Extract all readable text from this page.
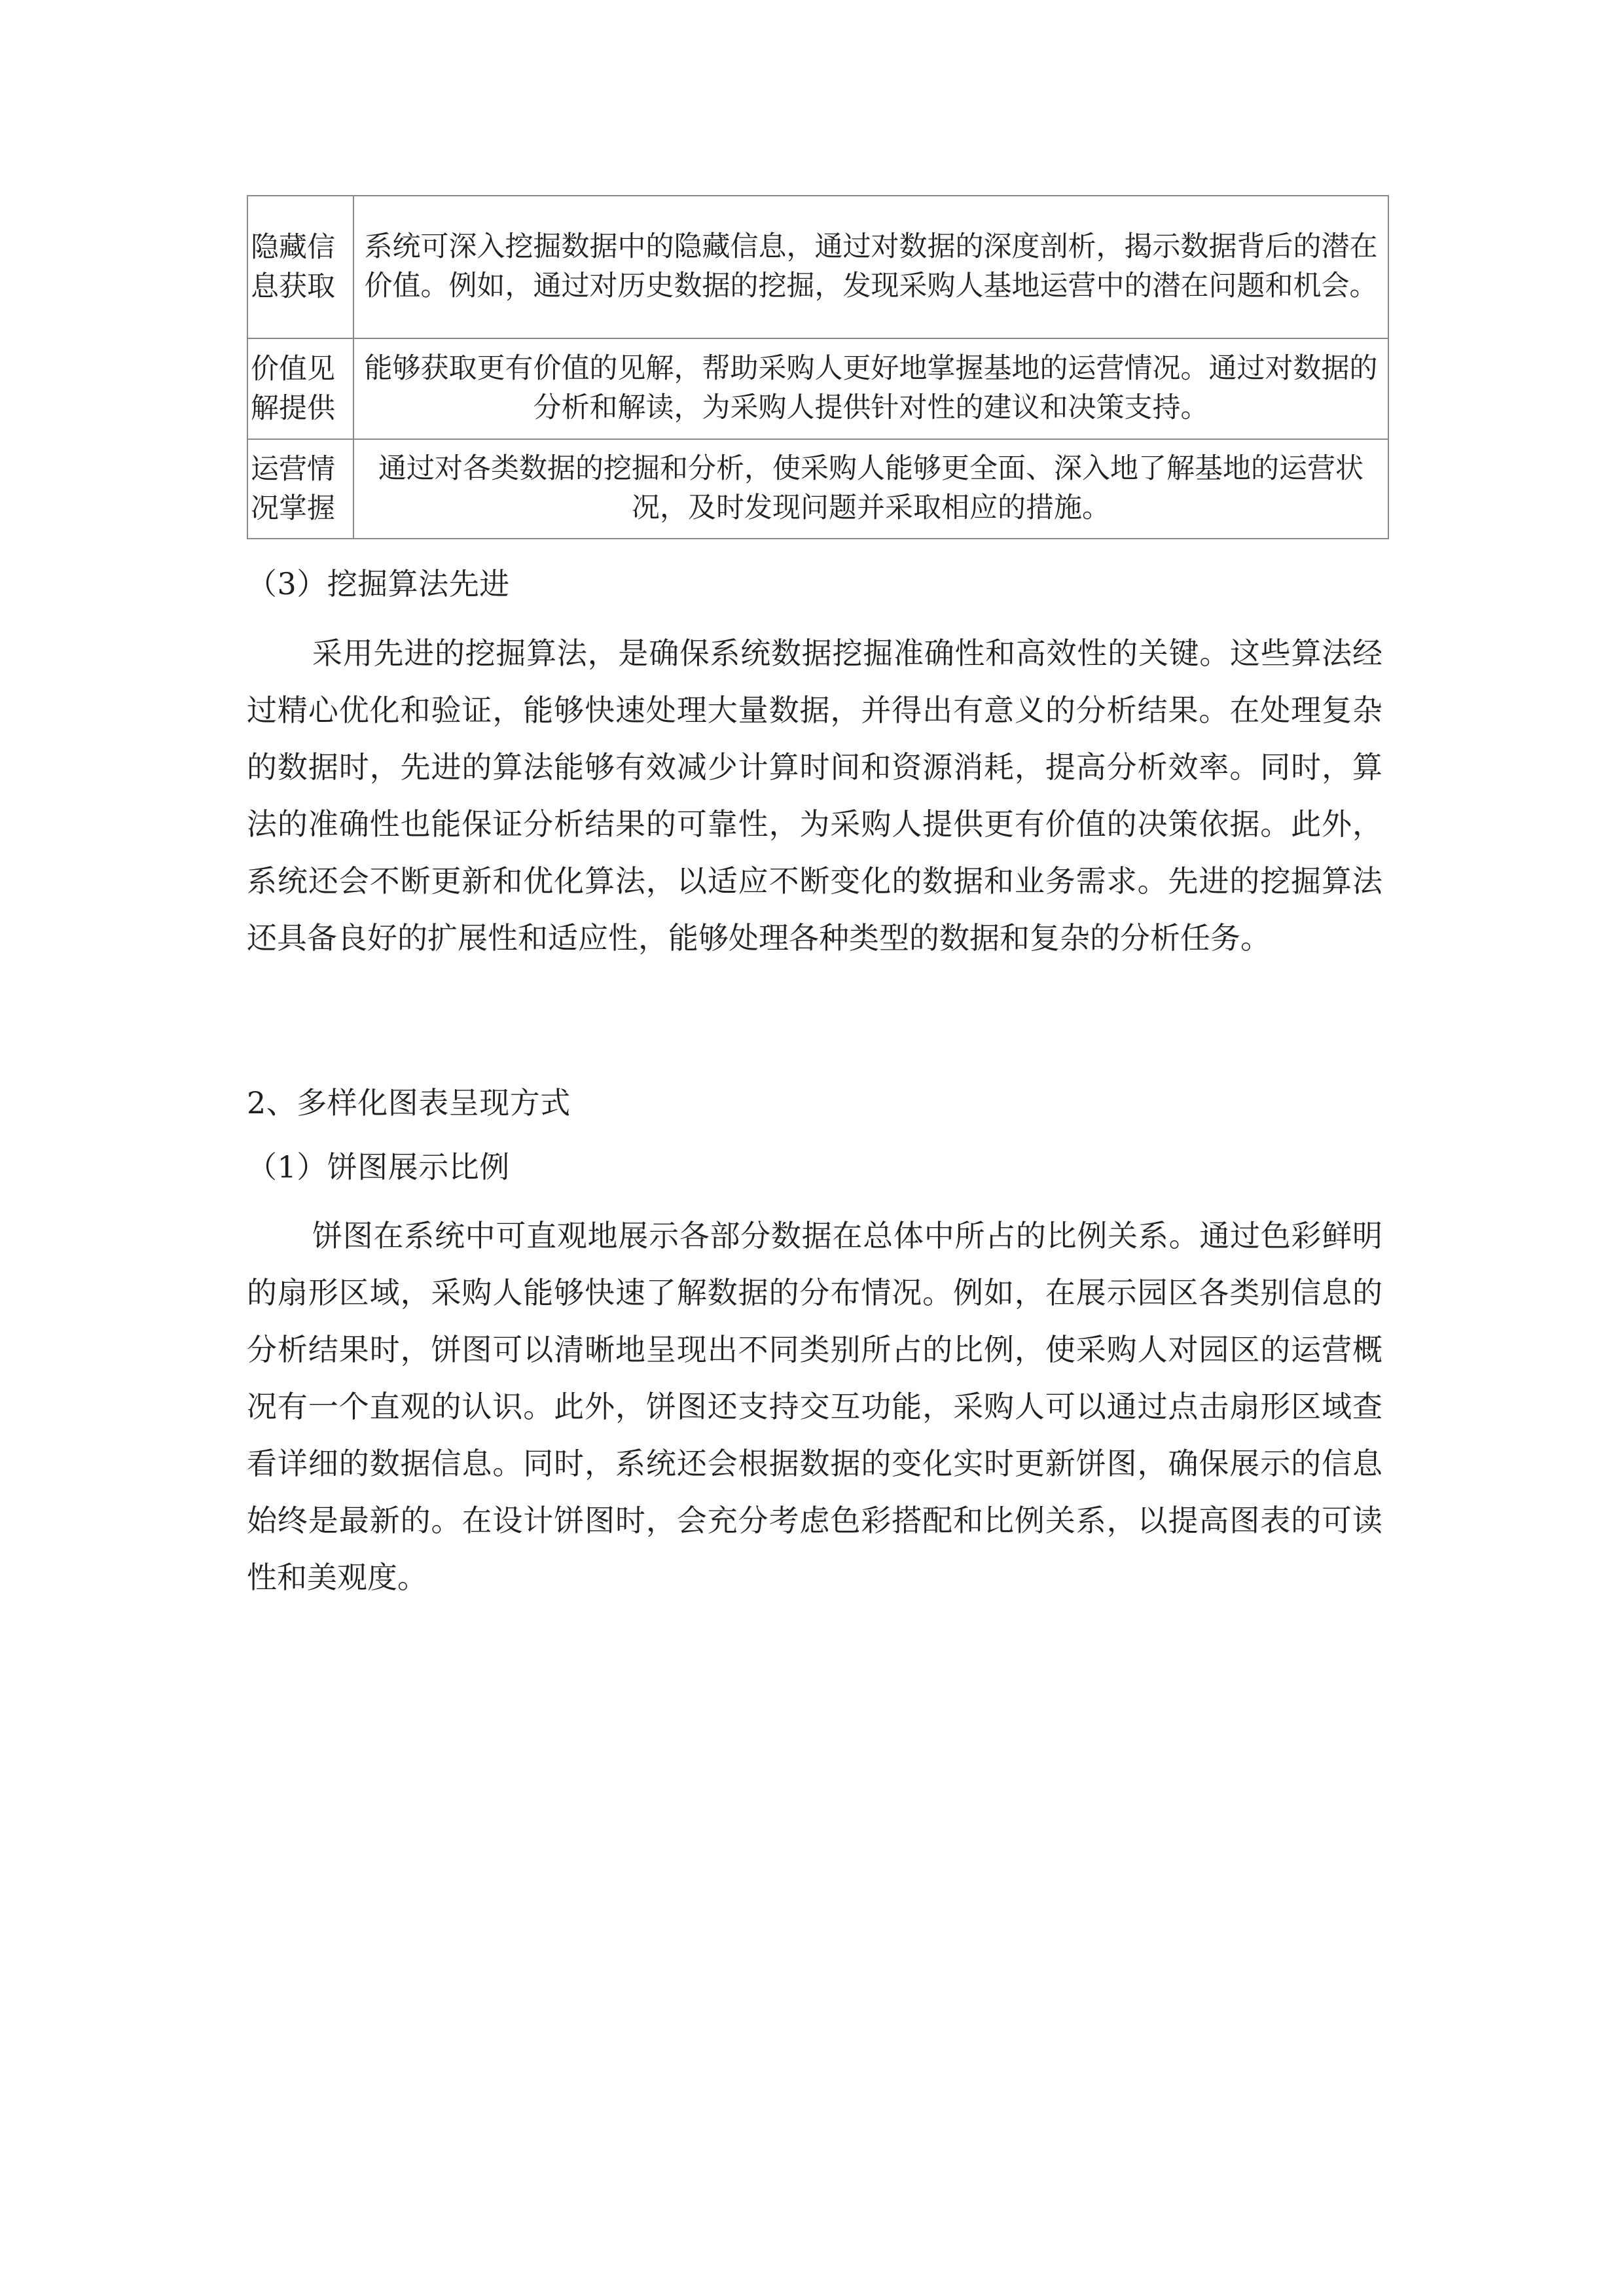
隐藏信息获取	系统可深入挖掘数据中的隐藏信息，通过对数据的深度剖析，揭示数据背后的潜在价值。例如，通过对历史数据的挖掘，发现采购人基地运营中的潜在问题和机会。
价值见解提供	能够获取更有价值的见解，帮助采购人更好地掌握基地的运营情况。通过对数据的分析和解读，为采购人提供针对性的建议和决策支持。
运营情况掌握	通过对各类数据的挖掘和分析，使采购人能够更全面、深入地了解基地的运营状况，及时发现问题并采取相应的措施。
（3）挖掘算法先进

采用先进的挖掘算法，是确保系统数据挖掘准确性和高效性的关键。这些算法经过精心优化和验证，能够快速处理大量数据，并得出有意义的分析结果。在处理复杂的数据时，先进的算法能够有效减少计算时间和资源消耗，提高分析效率。同时，算法的准确性也能保证分析结果的可靠性，为采购人提供更有价值的决策依据。此外，系统还会不断更新和优化算法，以适应不断变化的数据和业务需求。先进的挖掘算法还具备良好的扩展性和适应性，能够处理各种类型的数据和复杂的分析任务。

2、多样化图表呈现方式
（1）饼图展示比例

饼图在系统中可直观地展示各部分数据在总体中所占的比例关系。通过色彩鲜明的扇形区域，采购人能够快速了解数据的分布情况。例如，在展示园区各类别信息的分析结果时，饼图可以清晰地呈现出不同类别所占的比例，使采购人对园区的运营概况有一个直观的认识。此外，饼图还支持交互功能，采购人可以通过点击扇形区域查看详细的数据信息。同时，系统还会根据数据的变化实时更新饼图，确保展示的信息始终是最新的。在设计饼图时，会充分考虑色彩搭配和比例关系，以提高图表的可读性和美观度。
